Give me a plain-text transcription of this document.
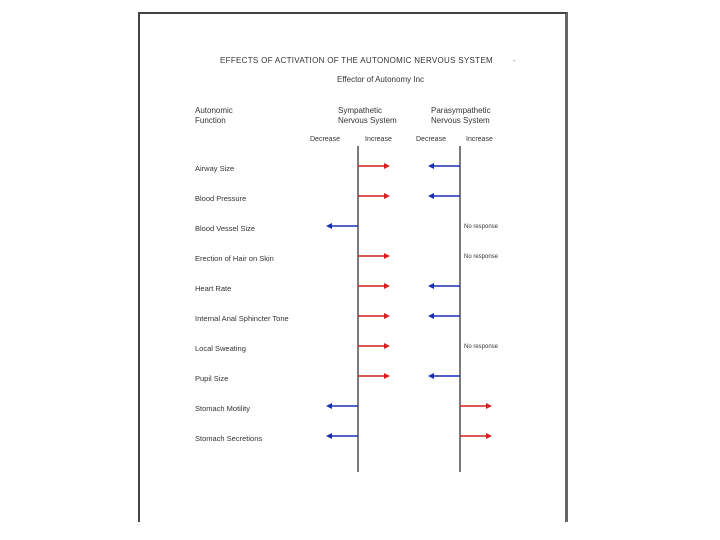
EFFECTS OF ACTIVATION OF THE AUTONOMIC NERVOUS SYSTEM	-
Effector of Autonomy Inc
Autonomic
Function
Sympathetic
Nervous System
Parasympathetic
Nervous System
Decrease	Increase	Decrease	Increase
Airway Size
Blood Pressure
Blood Vessel Size	No response
Erection of Hair on Skin	No response
Heart Rate
Internal Anal Sphincter Tone
Local Sweating	No response
Pupil Size
Stomach Motility
Stomach Secretions
